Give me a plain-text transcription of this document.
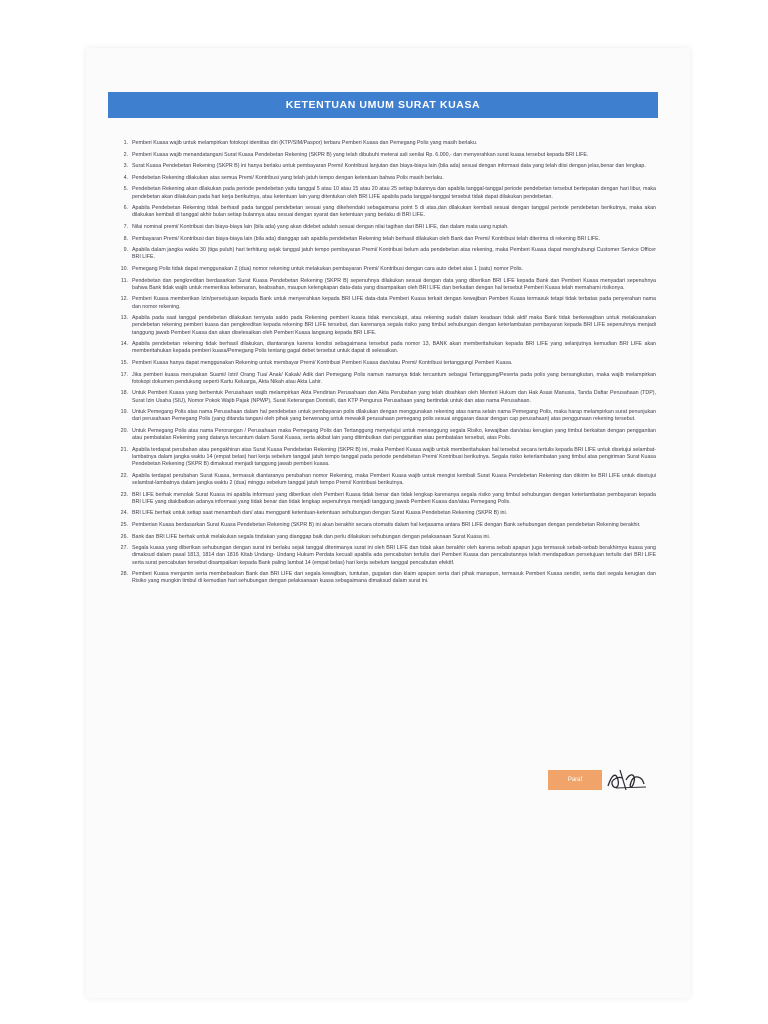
KETENTUAN UMUM SURAT KUASA
1. Pemberi Kuasa wajib untuk melampirkan fotokopi identitas diri (KTP/SIM/Paspor) terbaru Pemberi Kuasa dan Pemegang Polis yang masih berlaku.
2. Pemberi Kuasa wajib menandatangani Surat Kuasa Pendebetan Rekening (SKPR B) yang telah dibubuhi meterai asli senilai Rp. 6.000,- dan menyerahkan surat kuasa tersebut kepada BRI LIFE.
3. Surat Kuasa Pendebetan Rekening (SKPR B) ini hanya berlaku untuk pembayaran Premi/ Kontribusi lanjutan dan biaya-biaya lain (bila ada) sesuai dengan informasi data yang telah diisi dengan jelas,benar dan lengkap.
4. Pendebetan Rekening dilakukan atas semua Premi/ Kontribusi yang telah jatuh tempo dengan ketentuan bahwa Polis masih berlaku.
5. Pendebetan Rekening akan dilakukan pada periode pendebetan yaitu tanggal 5 atau 10 atau 15 atau 20 atau 25 setiap bulannya dan apabila tanggal-tanggal periode pendebetan tersebut bertepatan dengan hari libur, maka pendebetan akan dilakukan pada hari kerja berikutnya, atau ketentuan lain yang ditentukan oleh BRI LIFE apabila pada tanggal-tanggal tersebut tidak dapat dilakukan pendebetan.
6. Apabila Pendebetan Rekening tidak berhasil pada tanggal pendebetan sesuai yang dikehendaki sebagaimana point 5 di atas,dan dilakukan kembali sesuai dengan tanggal periode pendebetan berikutnya, maka akan dilakukan kembali di tanggal akhir bulan setiap bulannya atau sesuai dengan syarat dan ketentuan yang berlaku di BRI LIFE.
7. Nilai nominal premi/ Kontribusi dan biaya-biaya lain (bila ada) yang akan didebet adalah sesuai dengan nilai tagihan dari BRI LIFE, dan dalam mata uang rupiah.
8. Pembayaran Premi/ Kontribusi dan biaya-biaya lain (bila ada) dianggap sah apabila pendebetan Rekening telah berhasil dilakukan oleh Bank dan Premi/ Kontribusi telah diterima di rekening BRI LIFE.
9. Apabila dalam jangka waktu 30 (tiga puluh) hari terhitung sejak tanggal jatuh tempo pembayaran Premi/ Kontribusi belum ada pendebetan atas rekening, maka Pemberi Kuasa dapat menghubungi Customer Service Officer BRI LIFE.
10. Pemegang Polis tidak dapat menggunakan 2 (dua) nomor rekening untuk melakukan pembayaran Premi/ Kontribusi dengan cara auto debet atas 1 (satu) nomor Polis.
11. Pendebetan dan pengkreditan berdasarkan Surat Kuasa Pendebetan Rekening (SKPR B) sepenuhnya dilakukan sesuai dengan data yang diberikan BRI LIFE kepada Bank dan Pemberi Kuasa menyadari sepenuhnya bahwa Bank tidak wajib untuk memeriksa kebenaran, keabsahan, maupun kelengkapan data-data yang disampaikan oleh BRI LIFE dan berkaitan dengan hal tersebut Pemberi Kuasa telah memahami risikonya.
12. Pemberi Kuasa memberikan Izin/persetujuan kepada Bank untuk menyerahkan kepada BRI LIFE data-data Pemberi Kuasa terkait dengan kewajiban Pemberi Kuasa termasuk tetapi tidak terbatas pada penyerahan nama dan nomor rekening.
13. Apabila pada saat tanggal pendebetan dilakukan ternyata saldo pada Rekening pemberi kuasa tidak mencukupi, atau rekening sudah dalam keadaan tidak aktif maka Bank tidak berkewajiban untuk melaksanakan pendebetan rekening pemberi kuasa dan pengkreditan kepada rekening BRI LIFE tersebut, dan karenanya segala risiko yang timbul sehubungan dengan keterlambatan pembayaran kepada BRI LIFE sepenuhnya menjadi tanggung jawab Pemberi Kuasa dan akan diselesaikan oleh Pemberi Kuasa langsung kepada BRI LIFE.
14. Apabila pendebetan rekening tidak berhasil dilakukan, diantaranya karena kondisi sebagaimana tersebut pada nomor 13, BANK akan memberitahukan kepada BRI LIFE yang selanjutnya kemudian BRI LIFE akan memberitahukan kepada pemberi kuasa/Pemegang Polis tentang gagal debet tersebut untuk dapat di selesaikan.
15. Pemberi Kuasa hanya dapat menggunakan Rekening untuk membayar Premi/ Kontribusi Pemberi Kuasa dan/atau Premi/ Kontribusi tertanggung/ Pemberi Kuasa.
17. Jika pemberi kuasa merupakan Suami/ Istri/ Orang Tua/ Anak/ Kakak/ Adik dari Pemegang Polis namun namanya tidak tercantum sebagai Tertanggung/Peserta pada polis yang bersangkutan, maka wajib melampirkan fotokopi dokumen pendukung seperti Kartu Keluarga, Akta Nikah atau Akta Lahir.
18. Untuk Pemberi Kuasa yang berbentuk Perusahaan wajib melampirkan Akta Pendirian Perusahaan dan Akta Perubahan yang telah disahkan oleh Menteri Hukum dan Hak Asasi Manusia, Tanda Daftar Perusahaan (TDP), Surat Izin Usaha (SIU), Nomor Pokok Wajib Pajak (NPWP), Surat Keterangan Domisili, dan KTP Pengurus Perusahaan yang bertindak untuk dan atas nama Perusahaan.
19. Untuk Pemegang Polis atas nama Perusahaan dalam hal pendebetan untuk pembayaran polis dilakukan dengan menggunakan rekening atas nama selain nama Pemegang Polis, maka harap melampirkan surat penunjukan dari perusahaan Pemegang Polis (yang ditanda tangani oleh pihak yang berwenang untuk mewakili perusahaan pemegang polis sesuai anggaran dasar dengan cap perusahaan) atas penggunaan rekening tersebut.
20. Untuk Pemegang Polis atas nama Perorangan / Perusahaan maka Pemegang Polis dan Tertanggung menyetujui untuk menanggung segala Risiko, kewajiban dan/atau kerugian yang timbul berkaitan dengan penggantian atau pembatalan Rekening yang datanya tercantum dalam Surat Kuasa, serta akibat lain yang ditimbulkan dari penggantian atau pembatalan tersebut, atas Polis.
21. Apabila terdapat perubahan atau pengakhiran atas Surat Kuasa Pendebetan Rekening (SKPR B) ini, maka Pemberi Kuasa wajib untuk memberitahukan hal tersebut secara tertulis kepada BRI LIFE untuk disetujui selambat-lambatnya dalam jangka waktu 14 (empat belas) hari kerja sebelum tanggal jatuh tempo tanggal pada periode pendebetan Premi/ Kontribusi berikutnya. Segala risiko keterlambatan yang timbul atas pengiriman Surat Kuasa Pendebetan Rekening (SKPR B) dimaksud menjadi tanggung jawab pemberi kuasa.
22. Apabila terdapat perubahan Surat Kuasa, termasuk diantaranya perubahan nomor Rekening, maka Pemberi Kuasa wajib untuk mengisi kembali Surat Kuasa Pendebetan Rekening dan dikirim ke BRI LIFE untuk disetujui selambat-lambatnya dalam jangka waktu 2 (dua) minggu sebelum tanggal jatuh tempo Premi/ Kontribusi berikutnya.
23. BRI LIFE berhak menolak Surat Kuasa ini apabila informasi yang diberikan oleh Pemberi Kuasa tidak benar dan tidak lengkap karenanya segala risiko yang timbul sehubungan dengan keterlambatan pembayaran kepada BRI LIFE yang diakibatkan adanya informasi yang tidak benar dan tidak lengkap sepenuhnya menjadi tanggung jawab Pemberi Kuasa dan/atau Pemegang Polis.
24. BRI LIFE berhak untuk setiap saat menambah dan/ atau mengganti ketentuan-ketentuan sehubungan dengan Surat Kuasa Pendebetan Rekening (SKPR B) ini.
25. Pemberian Kuasa berdasarkan Surat Kuasa Pendebetan Rekening (SKPR B) ini akan berakhir secara otomatis dalam hal kerjasama antara BRI LIFE dengan Bank sehubungan dengan pendebetan Rekening berakhir.
26. Bank dan BRI LIFE berhak untuk melakukan segala tindakan yang dianggap baik dan perlu dilakukan sehubungan dengan pelaksanaan Surat Kuasa ini.
27. Segala kuasa yang diberikan sehubungan dengan surat ini berlaku sejak tanggal diterimanya surat ini oleh BRI LIFE dan tidak akan berakhir oleh karena sebab apapun juga termasuk sebab-sebab berakhirnya kuasa yang dimaksud dalam pasal 1813, 1814 dan 1816 Kitab Undang- Undang Hukum Perdata kecuali apabila ada pencabutan tertulis dari Pemberi Kuasa dan pencabutannya telah mendapatkan persetujuan tertulis dari BRI LIFE serta surat pencabutan tersebut disampaikan kepada Bank paling lambat 14 (empat belas) hari kerja sebelum tanggal pencabutan efektif.
28. Pemberi Kuasa menjamin serta membebaskan Bank dan BRI LIFE dari segala kewajiban, tuntutan, gugatan dan klaim apapun serta dari pihak manapun, termasuk Pemberi Kuasa sendiri, serta dari segala kerugian dan Risiko yang mungkin timbul di kemudian hari sehubungan dengan pelaksanaan kuasa sebagaimana dimaksud dalam surat ini.
Paraf
